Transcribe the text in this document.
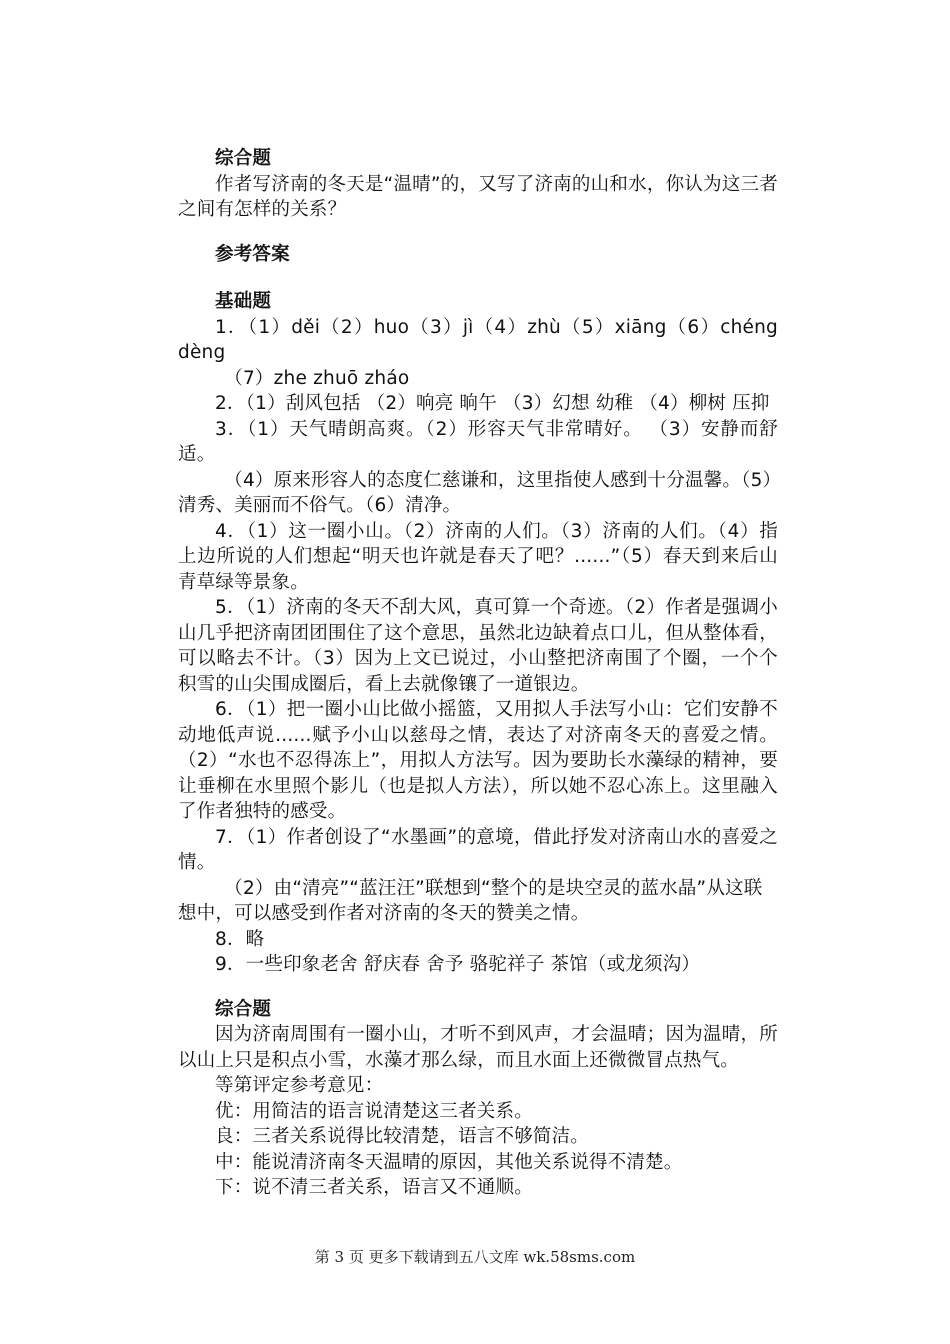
综合题

作者写济南的冬天是“温晴”的，又写了济南的山和水，你认为这三者之间有怎样的关系？

参考答案

基础题

1．（1）děi（2）huo（3）jì（4）zhù（5）xiāng（6）chéng

dèng

（7）zhe zhuō zháo

2．（1）刮风包括 （2）响亮 晌午 （3）幻想 幼稚 （4）柳树 压抑

3．（1）天气晴朗高爽。（2）形容天气非常晴好。 （3）安静而舒适。

（4）原来形容人的态度仁慈谦和，这里指使人感到十分温馨。（5）清秀、美丽而不俗气。（6）清净。

4．（1）这一圈小山。（2）济南的人们。（3）济南的人们。（4）指上边所说的人们想起“明天也许就是春天了吧？......”（5）春天到来后山青草绿等景象。

5．（1）济南的冬天不刮大风，真可算一个奇迹。（2）作者是强调小山几乎把济南团团围住了这个意思，虽然北边缺着点口儿，但从整体看，可以略去不计。（3）因为上文已说过，小山整把济南围了个圈，一个个积雪的山尖围成圈后，看上去就像镶了一道银边。

6．（1）把一圈小山比做小摇篮，又用拟人手法写小山：它们安静不动地低声说......赋予小山以慈母之情，表达了对济南冬天的喜爱之情。（2）“水也不忍得冻上”，用拟人方法写。因为要助长水藻绿的精神，要让垂柳在水里照个影儿（也是拟人方法），所以她不忍心冻上。这里融入了作者独特的感受。

7．（1）作者创设了“水墨画”的意境，借此抒发对济南山水的喜爱之情。

（2）由“清亮”“蓝汪汪”联想到“整个的是块空灵的蓝水晶”从这联想中，可以感受到作者对济南的冬天的赞美之情。

8．略

9．一些印象老舍 舒庆春 舍予 骆驼祥子 茶馆（或龙须沟）

综合题

因为济南周围有一圈小山，才听不到风声，才会温晴；因为温晴，所以山上只是积点小雪，水藻才那么绿，而且水面上还微微冒点热气。

等第评定参考意见：

优：用简洁的语言说清楚这三者关系。

良：三者关系说得比较清楚，语言不够简洁。

中：能说清济南冬天温晴的原因，其他关系说得不清楚。

下：说不清三者关系，语言又不通顺。

第 3 页 更多下载请到五八文库 wk.58sms.com
